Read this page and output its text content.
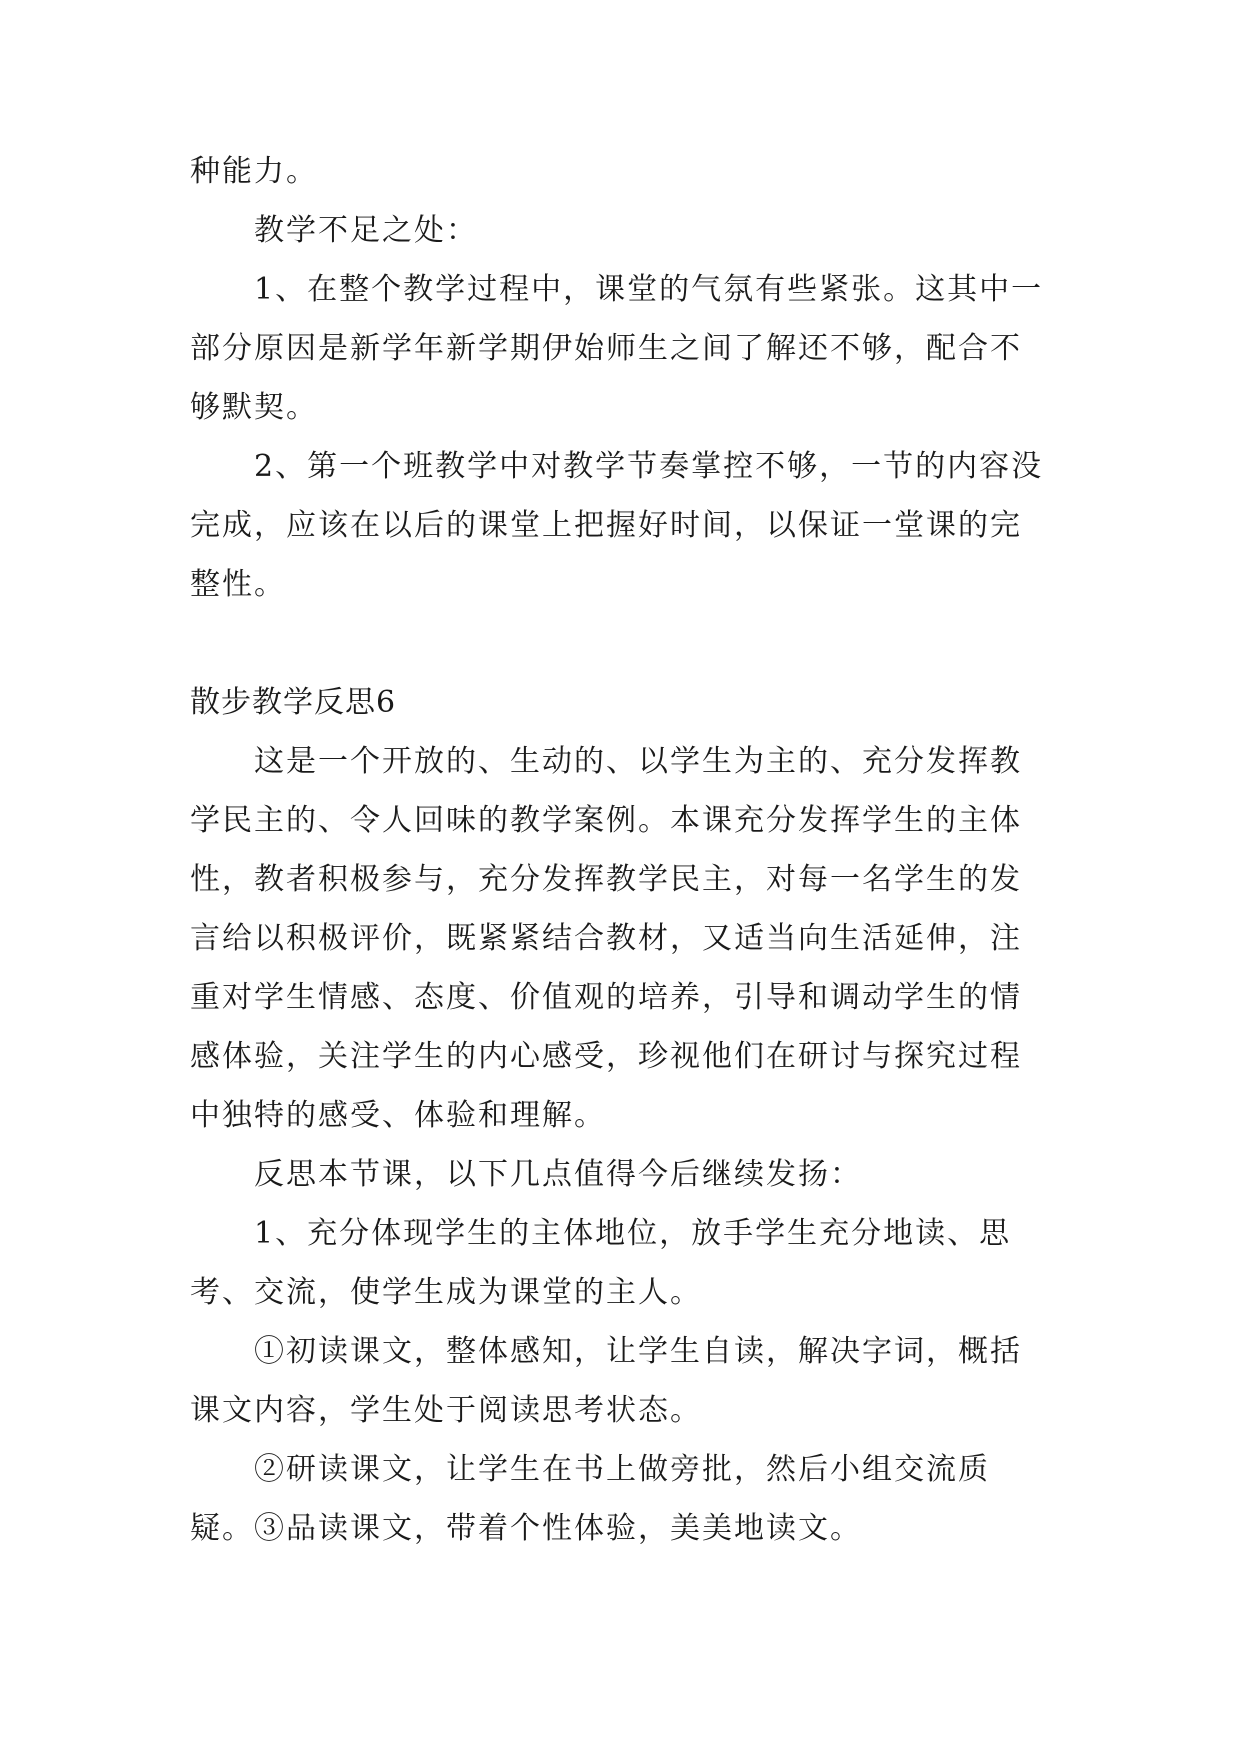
种能力。

教学不足之处：

1、在整个教学过程中，课堂的气氛有些紧张。这其中一部分原因是新学年新学期伊始师生之间了解还不够，配合不够默契。

2、第一个班教学中对教学节奏掌控不够，一节的内容没完成，应该在以后的课堂上把握好时间，以保证一堂课的完整性。

散步教学反思6

这是一个开放的、生动的、以学生为主的、充分发挥教学民主的、令人回味的教学案例。本课充分发挥学生的主体性，教者积极参与，充分发挥教学民主，对每一名学生的发言给以积极评价，既紧紧结合教材，又适当向生活延伸，注重对学生情感、态度、价值观的培养，引导和调动学生的情感体验，关注学生的内心感受，珍视他们在研讨与探究过程中独特的感受、体验和理解。

反思本节课，以下几点值得今后继续发扬：

1、充分体现学生的主体地位，放手学生充分地读、思考、交流，使学生成为课堂的主人。

①初读课文，整体感知，让学生自读，解决字词，概括课文内容，学生处于阅读思考状态。

②研读课文，让学生在书上做旁批，然后小组交流质疑。 ③品读课文，带着个性体验，美美地读文。
